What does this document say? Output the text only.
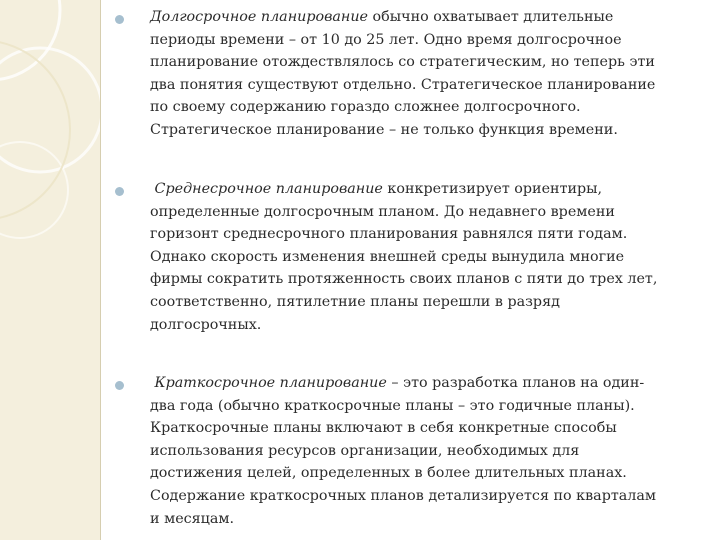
Долгосрочное планирование обычно охватывает длительные
периоды времени – от 10 до 25 лет. Одно время долгосрочное
планирование отождествлялось со стратегическим, но теперь эти
два понятия существуют отдельно. Стратегическое планирование
по своему содержанию гораздо сложнее долгосрочного.
Стратегическое планирование – не только функция времени.

Среднесрочное планирование конкретизирует ориентиры,
определенные долгосрочным планом. До недавнего времени
горизонт среднесрочного планирования равнялся пяти годам.
Однако скорость изменения внешней среды вынудила многие
фирмы сократить протяженность своих планов с пяти до трех лет,
соответственно, пятилетние планы перешли в разряд
долгосрочных.

Краткосрочное планирование – это разработка планов на один-
два года (обычно краткосрочные планы – это годичные планы).
Краткосрочные планы включают в себя конкретные способы
использования ресурсов организации, необходимых для
достижения целей, определенных в более длительных планах.
Содержание краткосрочных планов детализируется по кварталам
и месяцам.
